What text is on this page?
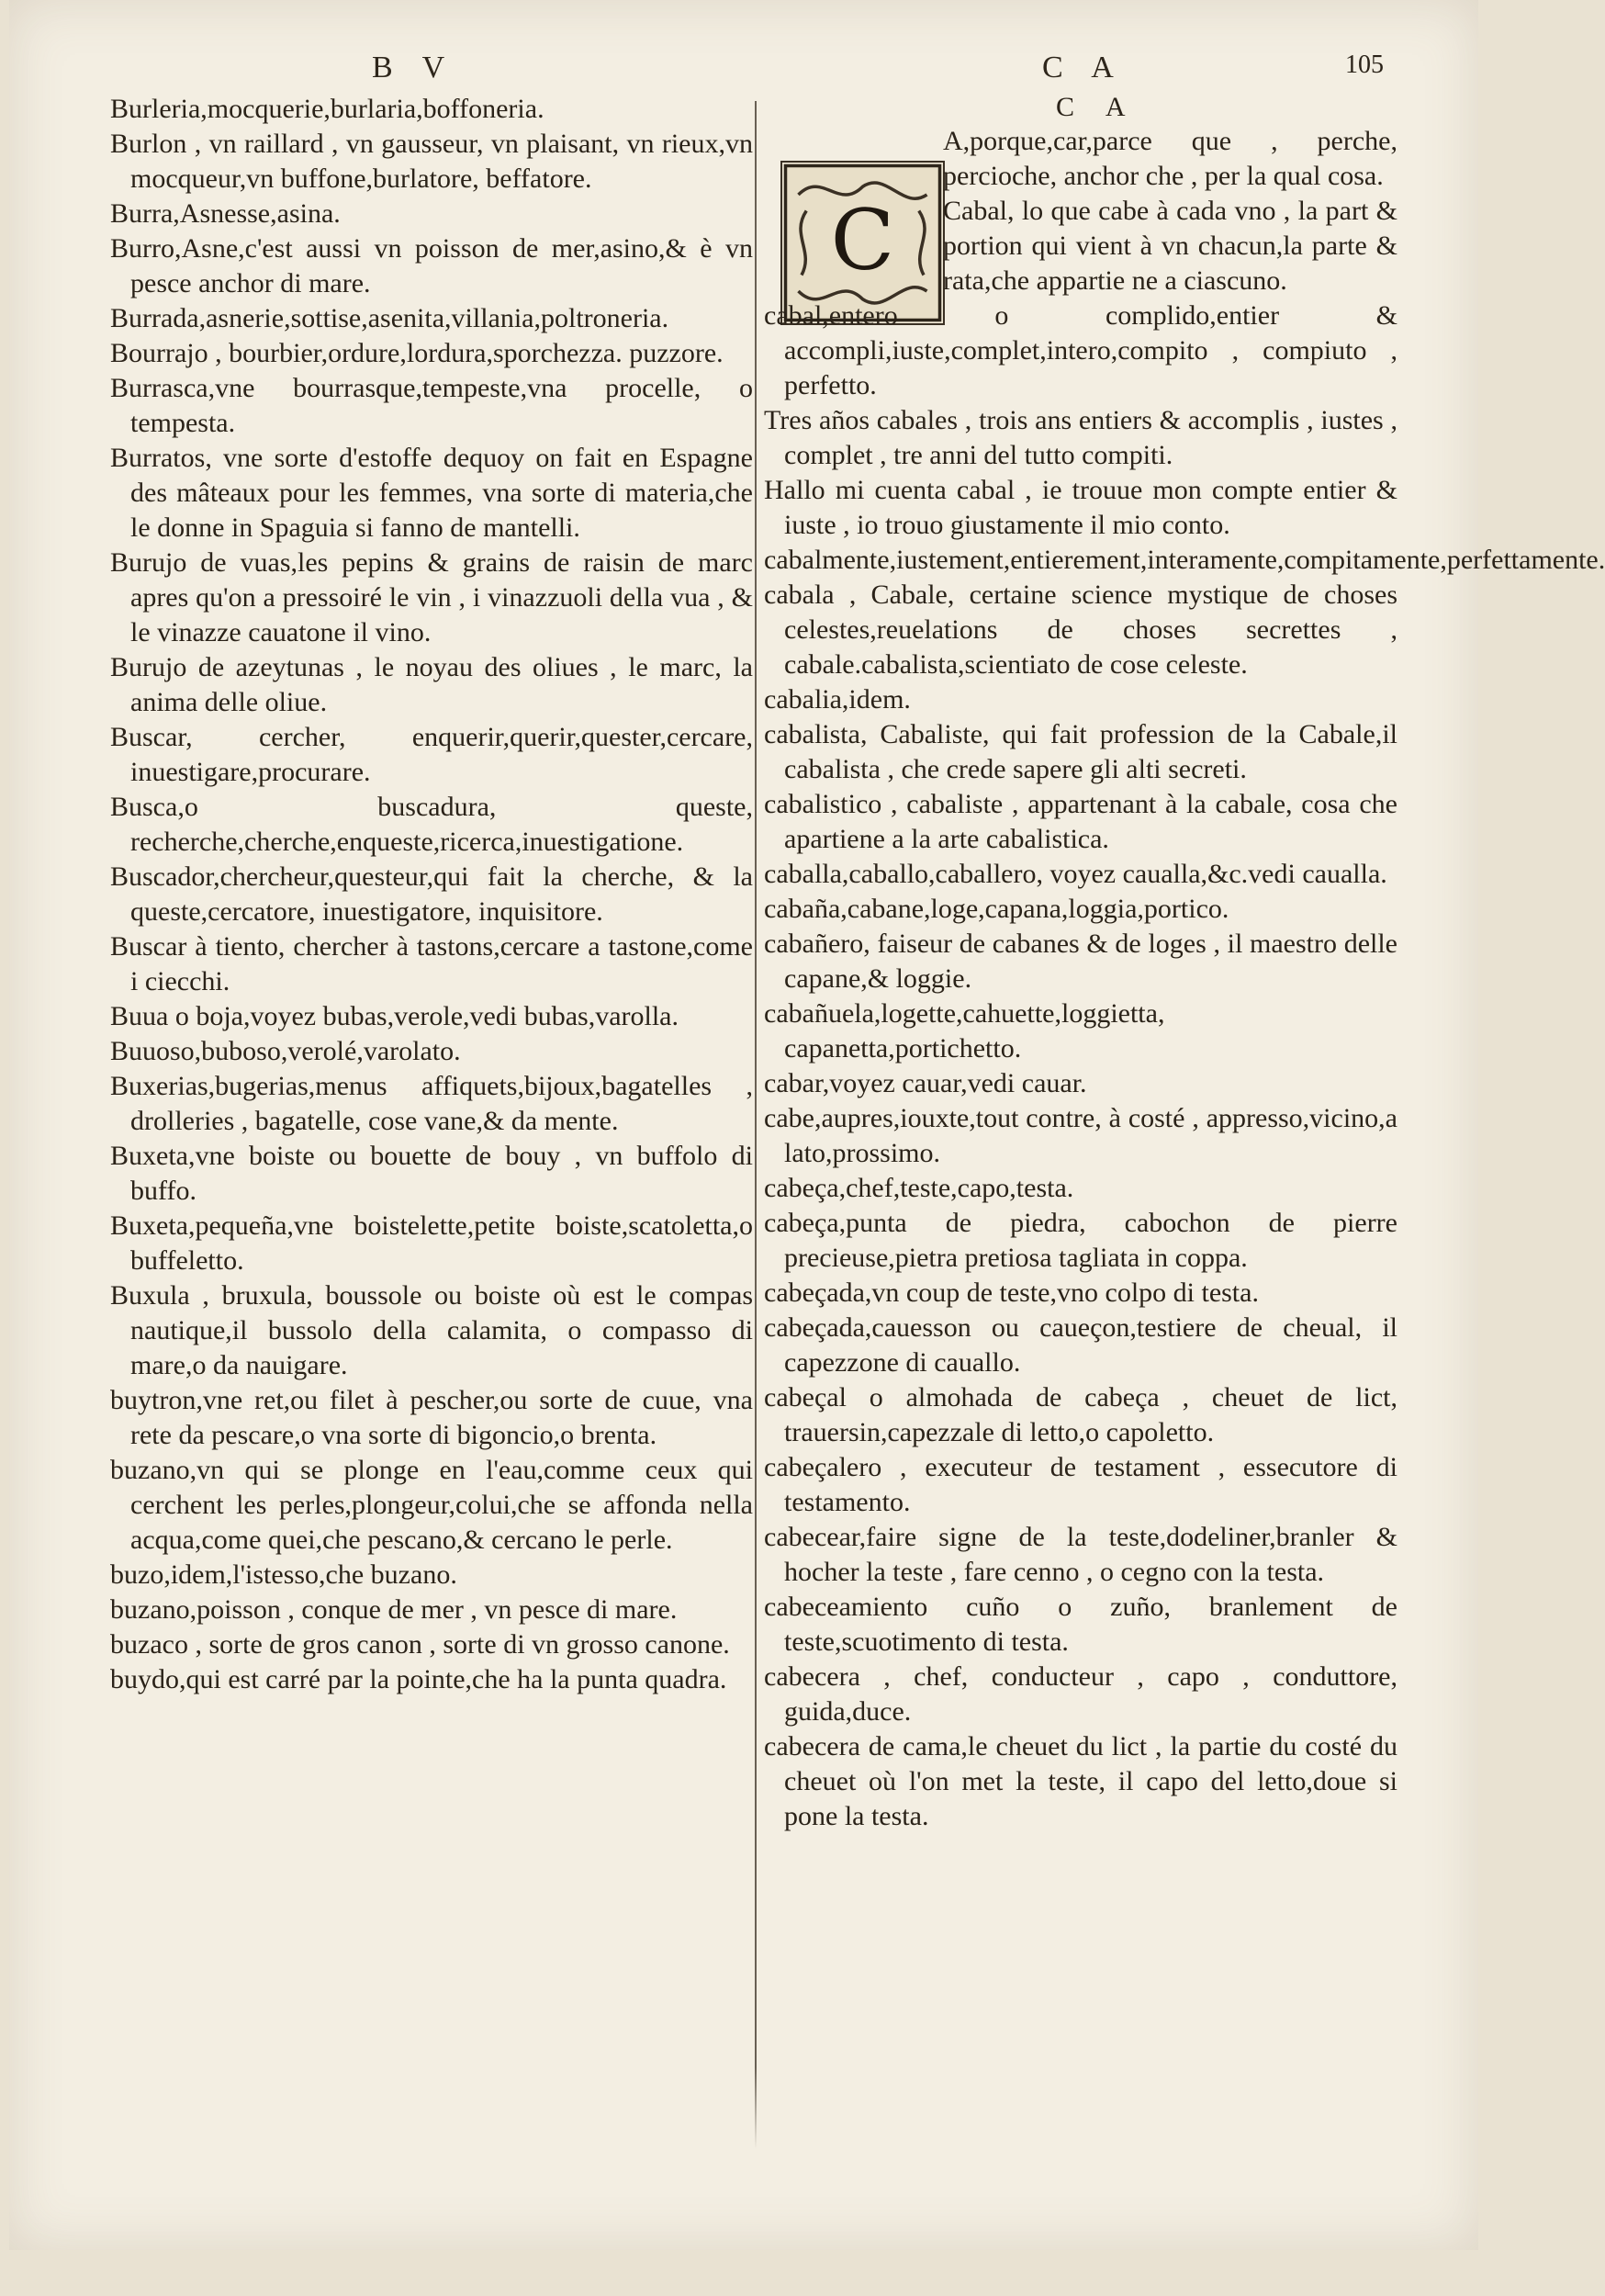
B V	C A	105
C A
Burleria,mocquerie,burlaria,boffoneria.
Burlon , vn raillard , vn gausseur, vn plaisant, vn rieux,vn mocqueur,vn buffone,burlatore, beffatore.
Burra,Asnesse,asina.
Burro,Asne,c'est aussi vn poisson de mer,asino,& è vn pesce anchor di mare.
Burrada,asnerie,sottise,asenita,villania,poltroneria.
Bourrajo , bourbier,ordure,lordura,sporchezza. puzzore.
Burrasca,vne bourrasque,tempeste,vna procelle, o tempesta.
Burratos, vne sorte d'estoffe dequoy on fait en Espagne des mâteaux pour les femmes, vna sorte di materia,che le donne in Spaguia si fanno de mantelli.
Burujo de vuas,les pepins & grains de raisin de marc apres qu'on a pressoiré le vin , i vinazzuoli della vua , & le vinazze cauatone il vino.
Burujo de azeytunas , le noyau des oliues , le marc, la anima delle oliue.
Buscar, cercher, enquerir,querir,quester,cercare, inuestigare,procurare.
Busca,o buscadura, queste, recherche,cherche,enqueste,ricerca,inuestigatione.
Buscador,chercheur,questeur,qui fait la cherche, & la queste,cercatore, inuestigatore, inquisitore.
Buscar à tiento, chercher à tastons,cercare a tastone,come i ciecchi.
Buua o boja,voyez bubas,verole,vedi bubas,varolla.
Buuoso,buboso,verolé,varolato.
Buxerias,bugerias,menus affiquets,bijoux,bagatelles , drolleries , bagatelle, cose vane,& da mente.
Buxeta,vne boiste ou bouette de bouy , vn buffolo di buffo.
Buxeta,pequeña,vne boistelette,petite boiste,scatoletta,o buffeletto.
Buxula , bruxula, boussole ou boiste où est le compas nautique,il bussolo della calamita, o compasso di mare,o da nauigare.
buytron,vne ret,ou filet à pescher,ou sorte de cuue, vna rete da pescare,o vna sorte di bigoncio,o brenta.
buzano,vn qui se plonge en l'eau,comme ceux qui cerchent les perles,plongeur,colui,che se affonda nella acqua,come quei,che pescano,& cercano le perle.
buzo,idem,l'istesso,che buzano.
buzano,poisson , conque de mer , vn pesce di mare.
buzaco , sorte de gros canon , sorte di vn grosso canone.
buydo,qui est carré par la pointe,che ha la punta quadra.
C
A,porque,car,parce que , perche, percioche, anchor che , per la qual cosa.
Cabal, lo que cabe à cada vno , la part & portion qui vient à vn chacun,la parte & rata,che appartie ne a ciascuno.
cabal,entero o complido,entier & accompli,iuste,complet,intero,compito , compiuto , perfetto.
Tres años cabales , trois ans entiers & accomplis , iustes , complet , tre anni del tutto compiti.
Hallo mi cuenta cabal , ie trouue mon compte entier & iuste , io trouo giustamente il mio conto.
cabalmente,iustement,entierement,interamente,compitamente,perfettamente.
cabala , Cabale, certaine science mystique de choses celestes,reuelations de choses secrettes , cabale.cabalista,scientiato de cose celeste.
cabalia,idem.
cabalista, Cabaliste, qui fait profession de la Cabale,il cabalista , che crede sapere gli alti secreti.
cabalistico , cabaliste , appartenant à la cabale, cosa che apartiene a la arte cabalistica.
caballa,caballo,caballero, voyez caualla,&c.vedi caualla.
cabaña,cabane,loge,capana,loggia,portico.
cabañero, faiseur de cabanes & de loges , il maestro delle capane,& loggie.
cabañuela,logette,cahuette,loggietta, capanetta,portichetto.
cabar,voyez cauar,vedi cauar.
cabe,aupres,iouxte,tout contre, à costé , appresso,vicino,a lato,prossimo.
cabeça,chef,teste,capo,testa.
cabeça,punta de piedra, cabochon de pierre precieuse,pietra pretiosa tagliata in coppa.
cabeçada,vn coup de teste,vno colpo di testa.
cabeçada,cauesson ou caueçon,testiere de cheual, il capezzone di cauallo.
cabeçal o almohada de cabeça , cheuet de lict, trauersin,capezzale di letto,o capoletto.
cabeçalero , executeur de testament , essecutore di testamento.
cabecear,faire signe de la teste,dodeliner,branler & hocher la teste , fare cenno , o cegno con la testa.
cabeceamiento cuño o zuño, branlement de teste,scuotimento di testa.
cabecera , chef, conducteur , capo , conduttore, guida,duce.
cabecera de cama,le cheuet du lict , la partie du costé du cheuet où l'on met la teste, il capo del letto,doue si pone la testa.
